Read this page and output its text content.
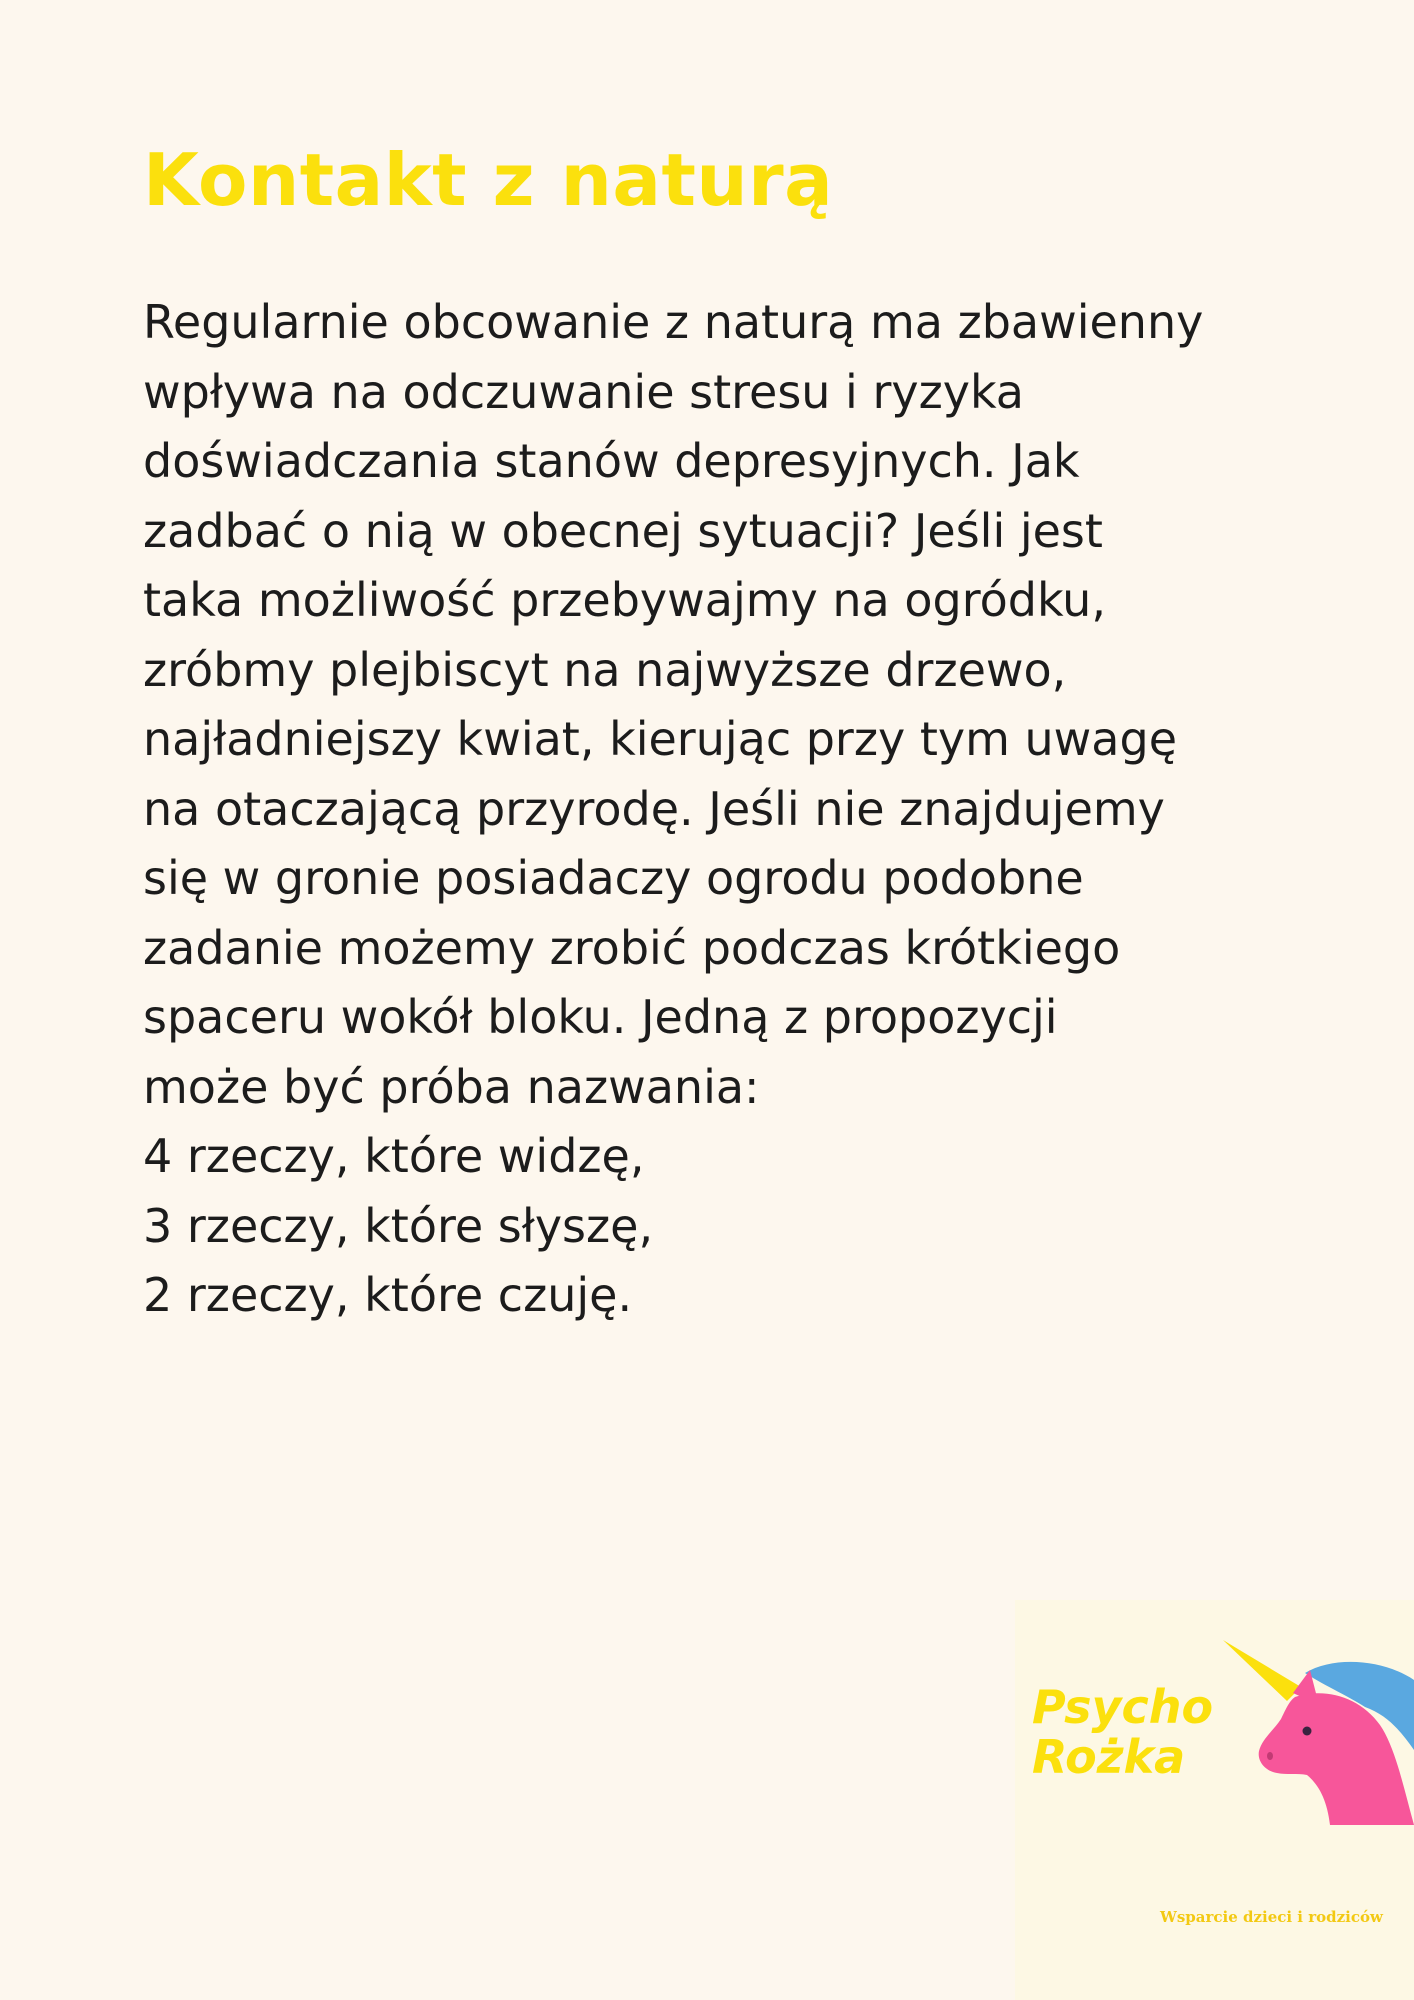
Kontakt z naturą

Regularnie obcowanie z naturą ma zbawienny
wpływa na odczuwanie stresu i ryzyka
doświadczania stanów depresyjnych. Jak
zadbać o nią w obecnej sytuacji? Jeśli jest
taka możliwość przebywajmy na ogródku,
zróbmy plejbiscyt na najwyższe drzewo,
najładniejszy kwiat, kierując przy tym uwagę
na otaczającą przyrodę. Jeśli nie znajdujemy
się w gronie posiadaczy ogrodu podobne
zadanie możemy zrobić podczas krótkiego
spaceru wokół bloku. Jedną z propozycji
może być próba nazwania:
4 rzeczy, które widzę,
3 rzeczy, które słyszę,
2 rzeczy, które czuję.

Psycho
Rożka

Wsparcie dzieci i rodziców
